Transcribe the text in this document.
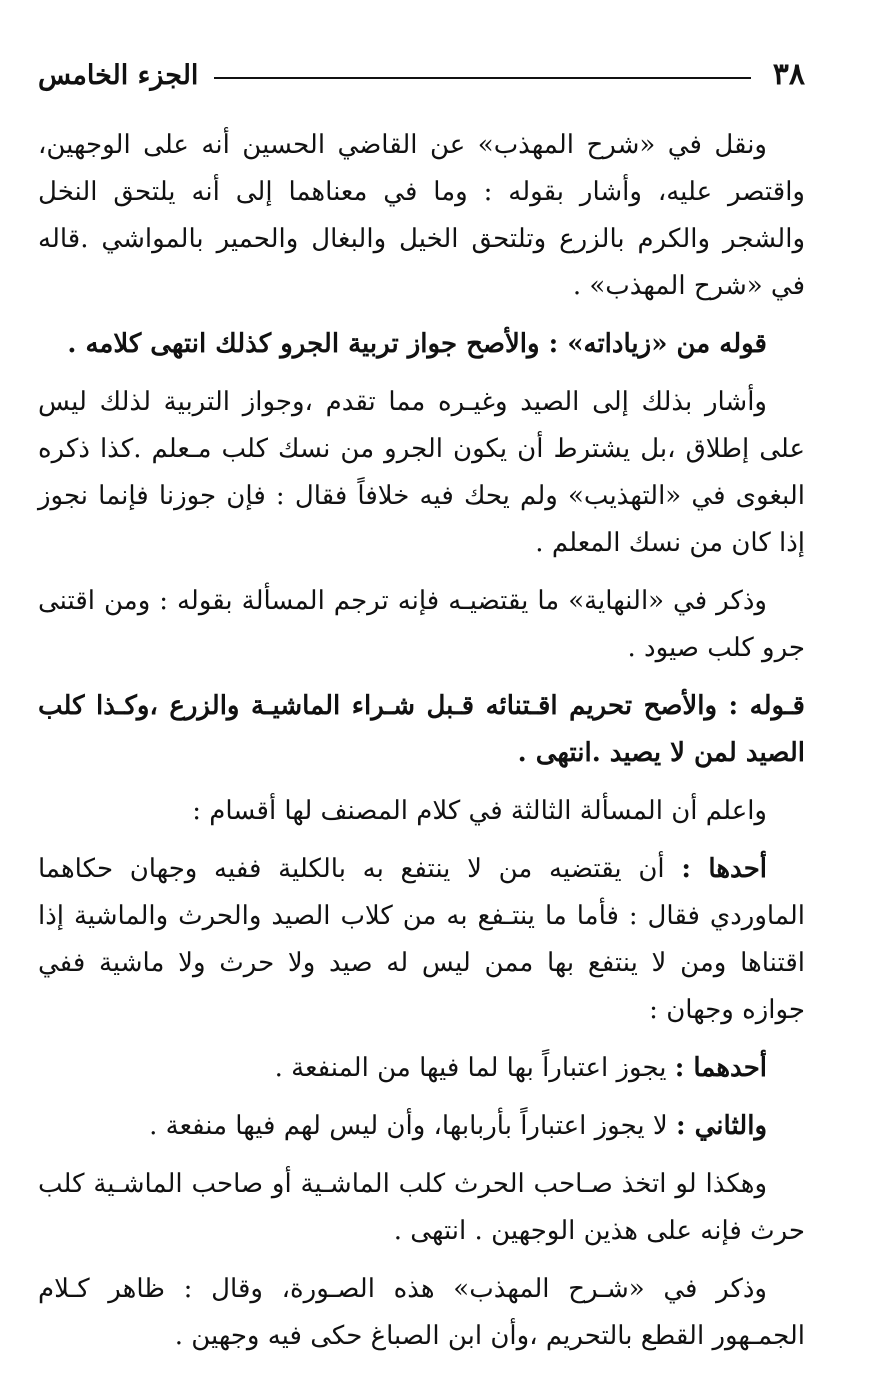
٣٨
الجزء الخامس

ونقل في «شرح المهذب» عن القاضي الحسين أنه على الوجهين، واقتصر عليه، وأشار بقوله : وما في معناهما إلى أنه يلتحق النخل والشجر والكرم بالزرع وتلتحق الخيل والبغال والحمير بالمواشي .قاله في «شرح المهذب» .

قوله من «زياداته» : والأصح جواز تربية الجرو كذلك انتهى كلامه .

وأشار بذلك إلى الصيد وغيـره مما تقدم ،وجواز التربية لذلك ليس على إطلاق ،بل يشترط أن يكون الجرو من نسك كلب مـعلم .كذا ذكره البغوى في «التهذيب» ولم يحك فيه خلافاً فقال : فإن جوزنا فإنما نجوز إذا كان من نسك المعلم .

وذكر في «النهاية» ما يقتضيـه فإنه ترجم المسألة بقوله : ومن اقتنى جرو كلب صيود .

قـوله : والأصح تحريم اقـتنائه قـبل شـراء الماشيـة والزرع ،وكـذا كلب الصيد لمن لا يصيد .انتهى .

واعلم أن المسألة الثالثة في كلام المصنف لها أقسام :

أحدها : أن يقتضيه من لا ينتفع به بالكلية ففيه وجهان حكاهما الماوردي فقال : فأما ما ينتـفع به من كلاب الصيد والحرث والماشية إذا اقتناها ومن لا ينتفع بها ممن ليس له صيد ولا حرث ولا ماشية ففي جوازه وجهان :

أحدهما : يجوز اعتباراً بها لما فيها من المنفعة .

والثاني : لا يجوز اعتباراً بأربابها، وأن ليس لهم فيها منفعة .

وهكذا لو اتخذ صـاحب الحرث كلب الماشـية أو صاحب الماشـية كلب حرث فإنه على هذين الوجهين . انتهى .

وذكر في «شـرح المهذب» هذه الصـورة، وقال : ظاهر كـلام الجمـهور القطع بالتحريم ،وأن ابن الصباغ حكى فيه وجهين .
